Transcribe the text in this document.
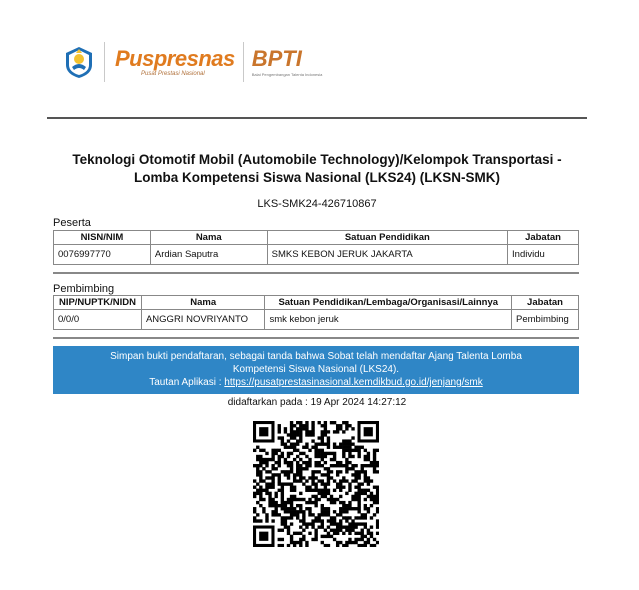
Puspresnas
Pusat Prestasi Nasional
BPTI
Balai Pengembangan Talenta Indonesia
Teknologi Otomotif Mobil (Automobile Technology)/Kelompok Transportasi -
Lomba Kompetensi Siswa Nasional (LKS24) (LKSN-SMK)
LKS-SMK24-426710867
Peserta
NISN/NIM	Nama	Satuan Pendidikan	Jabatan
0076997770	Ardian Saputra	SMKS KEBON JERUK JAKARTA	Individu
Pembimbing
NIP/NUPTK/NIDN	Nama	Satuan Pendidikan/Lembaga/Organisasi/Lainnya	Jabatan
0/0/0	ANGGRI NOVRIYANTO	smk kebon jeruk	Pembimbing
Simpan bukti pendaftaran, sebagai tanda bahwa Sobat telah mendaftar Ajang Talenta Lomba Kompetensi Siswa Nasional (LKS24).
Tautan Aplikasi : https://pusatprestasinasional.kemdikbud.go.id/jenjang/smk
didaftarkan pada : 19 Apr 2024 14:27:12
